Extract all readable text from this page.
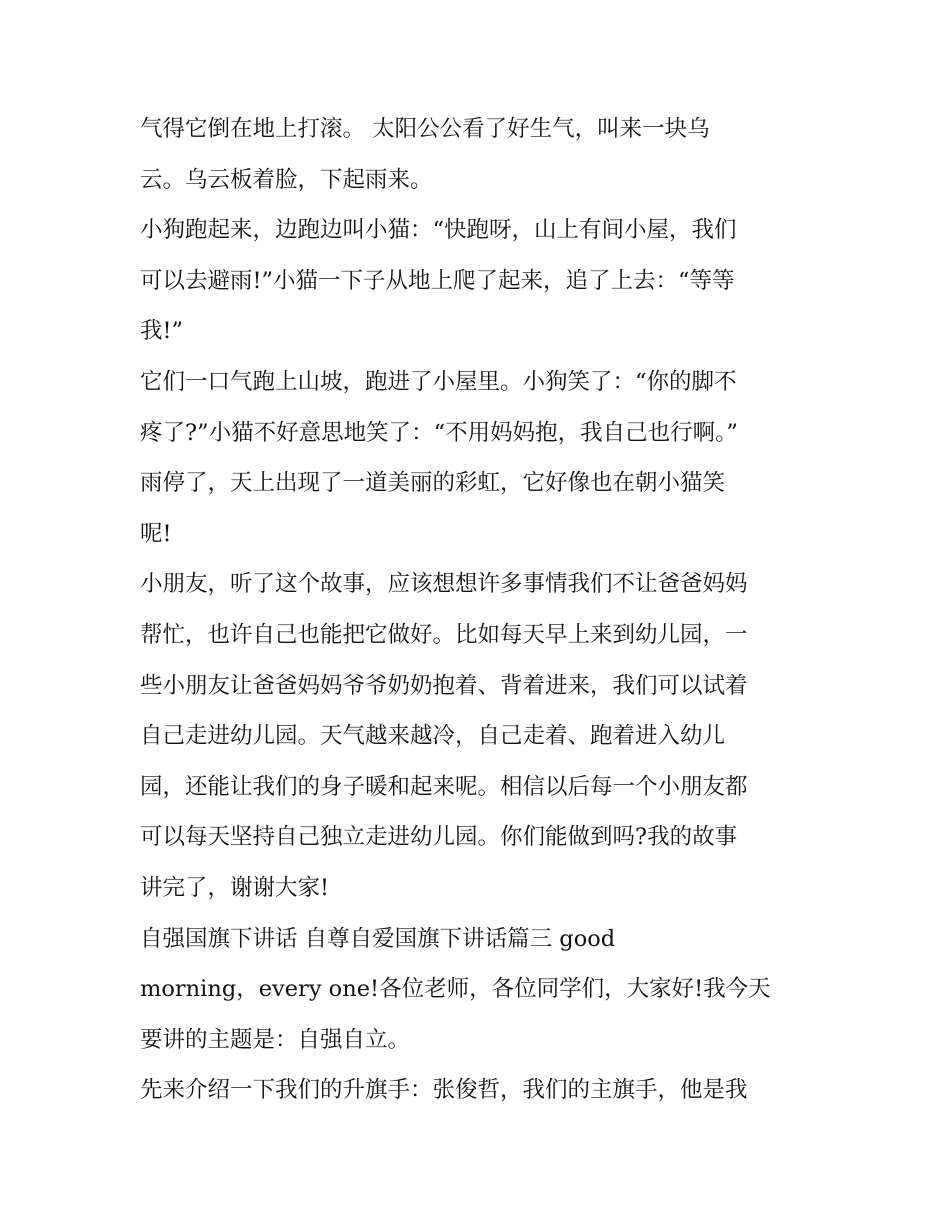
气得它倒在地上打滚。 太阳公公看了好生气，叫来一块乌

云。乌云板着脸，下起雨来。

小狗跑起来，边跑边叫小猫：“快跑呀，山上有间小屋，我们

可以去避雨!”小猫一下子从地上爬了起来，追了上去：“等等

我!”

它们一口气跑上山坡，跑进了小屋里。小狗笑了：“你的脚不

疼了?”小猫不好意思地笑了：“不用妈妈抱，我自己也行啊。”

雨停了，天上出现了一道美丽的彩虹，它好像也在朝小猫笑

呢!

小朋友，听了这个故事，应该想想许多事情我们不让爸爸妈妈

帮忙，也许自己也能把它做好。比如每天早上来到幼儿园，一

些小朋友让爸爸妈妈爷爷奶奶抱着、背着进来，我们可以试着

自己走进幼儿园。天气越来越冷，自己走着、跑着进入幼儿

园，还能让我们的身子暖和起来呢。相信以后每一个小朋友都

可以每天坚持自己独立走进幼儿园。你们能做到吗?我的故事

讲完了，谢谢大家!

自强国旗下讲话 自尊自爱国旗下讲话篇三 good

morning，every one!各位老师，各位同学们，大家好!我今天

要讲的主题是：自强自立。

先来介绍一下我们的升旗手：张俊哲，我们的主旗手，他是我
